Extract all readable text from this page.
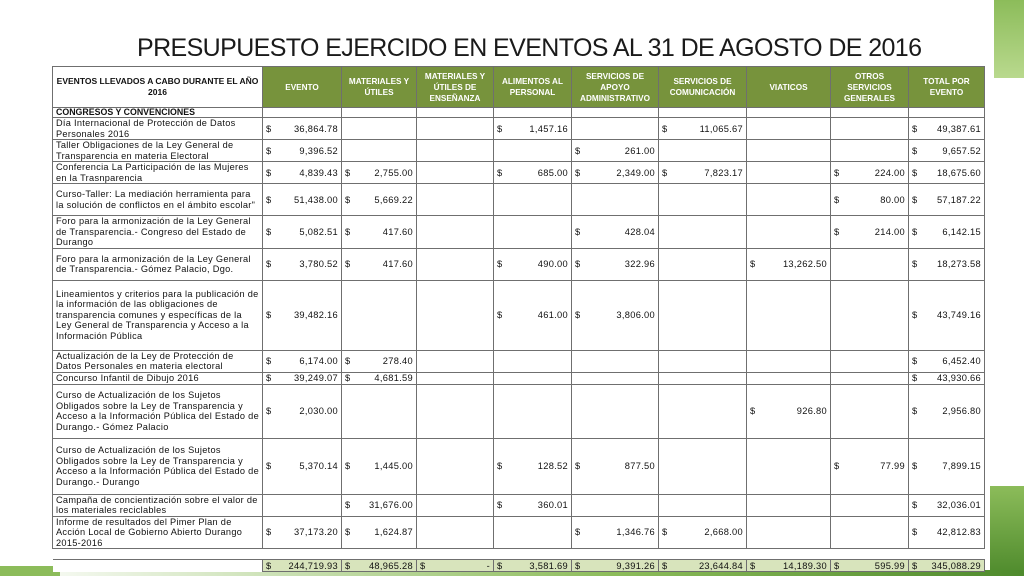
PRESUPUESTO EJERCIDO EN EVENTOS AL 31 DE AGOSTO DE 2016
EVENTOS LLEVADOS A CABO DURANTE EL AÑO 2016	EVENTO	MATERIALES Y ÚTILES	MATERIALES Y ÚTILES DE ENSEÑANZA	ALIMENTOS AL PERSONAL	SERVICIOS DE APOYO ADMINISTRATIVO	SERVICIOS DE COMUNICACIÓN	VIATICOS	OTROS SERVICIOS GENERALES	TOTAL POR EVENTO
CONGRESOS Y CONVENCIONES									
Día Internacional de Protección de Datos Personales 2016	$ 36,864.78			$ 1,457.16		$ 11,065.67			$ 49,387.61

Taller Obligaciones de la Ley General de Transparencia en materia Electoral	$ 9,396.52				$ 261.00				$ 9,657.52

Conferencia La Participación de las Mujeres en la Trasnparencia	$ 4,839.43	$ 2,755.00		$ 685.00	$ 2,349.00	$ 7,823.17		$ 224.00	$ 18,675.60

Curso-Taller: La mediación herramienta para la solución de conflictos en el ámbito escolar"	$ 51,438.00	$ 5,669.22						$ 80.00	$ 57,187.22

Foro para la armonización de la Ley General de Transparencia.- Congreso del Estado de Durango	$ 5,082.51	$ 417.60			$ 428.04			$ 214.00	$ 6,142.15

Foro para la armonización de la Ley General de Transparencia.- Gómez Palacio, Dgo.	$ 3,780.52	$ 417.60		$ 490.00	$ 322.96		$ 13,262.50		$ 18,273.58

Lineamientos y criterios para la publicación de la información de las obligaciones de transparencia comunes y específicas de la Ley General de Transparencia y Acceso a la Información Pública	$ 39,482.16			$ 461.00	$ 3,806.00				$ 43,749.16

Actualización de la Ley de Protección de Datos Personales en materia electoral	$ 6,174.00	$ 278.40							$ 6,452.40

Concurso Infantil de Dibujo 2016	$ 39,249.07	$ 4,681.59							$ 43,930.66

Curso de Actualización de los Sujetos Obligados sobre la Ley de Transparencia y Acceso a la Información Pública del Estado de Durango.- Gómez Palacio	$ 2,030.00						$ 926.80		$ 2,956.80

Curso de Actualización de los Sujetos Obligados sobre la Ley de Transparencia y Acceso a la Información Pública del Estado de Durango.- Durango	$ 5,370.14	$ 1,445.00		$ 128.52	$ 877.50			$ 77.99	$ 7,899.15

Campaña de concientización sobre el valor de los materiales reciclables		$ 31,676.00		$ 360.01					$ 32,036.01

Informe de resultados del Pimer Plan de Acción Local de Gobierno Abierto Durango 2015-2016	$ 37,173.20	$ 1,624.87			$ 1,346.76	$ 2,668.00			$ 42,812.83

	$ 244,719.93	$ 48,965.28	$ -	$ 3,581.69	$ 9,391.26	$ 23,644.84	$ 14,189.30	$ 595.99	$ 345,088.29
